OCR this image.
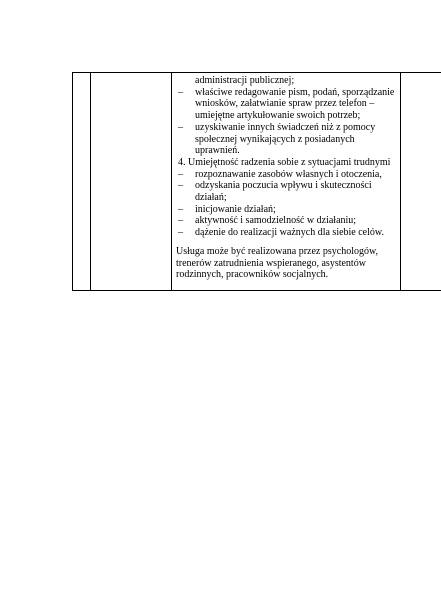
administracji publicznej;
– właściwe redagowanie pism, podań, sporządzanie
wniosków, załatwianie spraw przez telefon –
umiejętne artykułowanie swoich potrzeb;
– uzyskiwanie innych świadczeń niż z pomocy
społecznej wynikających z posiadanych
uprawnień.
4. Umiejętność radzenia sobie z sytuacjami trudnymi
– rozpoznawanie zasobów własnych i otoczenia,
– odzyskania poczucia wpływu i skuteczności
działań;
– inicjowanie działań;
– aktywność i samodzielność w działaniu;
– dążenie do realizacji ważnych dla siebie celów.
Usługa może być realizowana przez psychologów,
trenerów zatrudnienia wspieranego, asystentów
rodzinnych, pracowników socjalnych.
